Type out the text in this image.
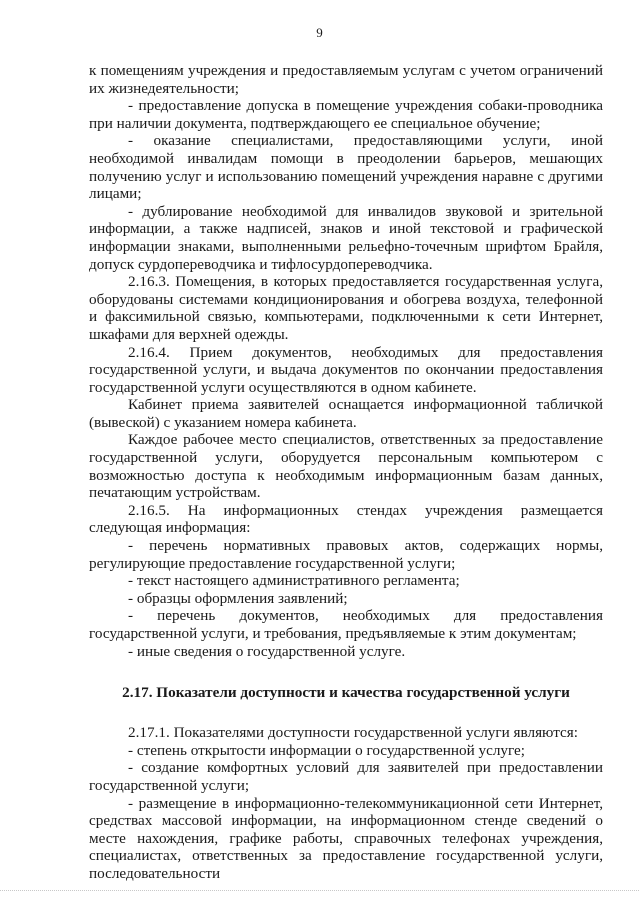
9

к помещениям учреждения и предоставляемым услугам с учетом ограничений их жизнедеятельности;

- предоставление допуска в помещение учреждения собаки-проводника при наличии документа, подтверждающего ее специальное обучение;

- оказание специалистами, предоставляющими услуги, иной необходимой инвалидам помощи в преодолении барьеров, мешающих получению услуг и использованию помещений учреждения наравне с другими лицами;

- дублирование необходимой для инвалидов звуковой и зрительной информации, а также надписей, знаков и иной текстовой и графической информации знаками, выполненными рельефно-точечным шрифтом Брайля, допуск сурдопереводчика и тифлосурдопереводчика.

2.16.3. Помещения, в которых предоставляется государственная услуга, оборудованы системами кондиционирования и обогрева воздуха, телефонной и факсимильной связью, компьютерами, подключенными к сети Интернет, шкафами для верхней одежды.

2.16.4. Прием документов, необходимых для предоставления государственной услуги, и выдача документов по окончании предоставления государственной услуги осуществляются в одном кабинете.

Кабинет приема заявителей оснащается информационной табличкой (вывеской) с указанием номера кабинета.

Каждое рабочее место специалистов, ответственных за предоставление государственной услуги, оборудуется персональным компьютером с возможностью доступа к необходимым информационным базам данных, печатающим устройствам.

2.16.5. На информационных стендах учреждения размещается следующая информация:

- перечень нормативных правовых актов, содержащих нормы, регулирующие предоставление государственной услуги;

- текст настоящего административного регламента;

- образцы оформления заявлений;

- перечень документов, необходимых для предоставления государственной услуги, и требования, предъявляемые к этим документам;

- иные сведения о государственной услуге.

2.17. Показатели доступности и качества государственной услуги

2.17.1. Показателями доступности государственной услуги являются:

- степень открытости информации о государственной услуге;

- создание комфортных условий для заявителей при предоставлении государственной услуги;

- размещение в информационно-телекоммуникационной сети Интернет, средствах массовой информации, на информационном стенде сведений о месте нахождения, графике работы, справочных телефонах учреждения, специалистах, ответственных за предоставление государственной услуги, последовательности
